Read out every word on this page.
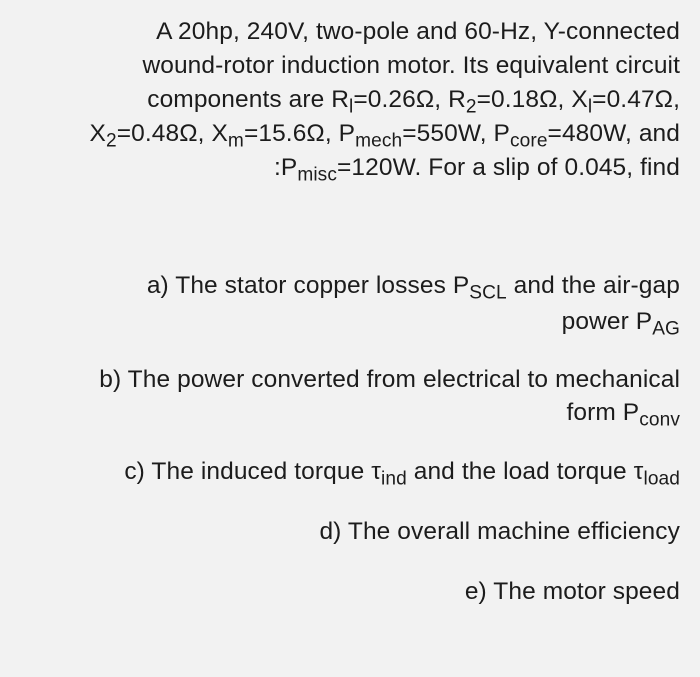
A 20hp, 240V, two-pole and 60-Hz, Y-connected
wound-rotor induction motor. Its equivalent circuit
components are $R_l=0.26\Omega$, $R_2=0.18\Omega$, $X_l=0.47\Omega$,
$X_2=0.48\Omega$, $X_m=15.6\Omega$, $P_{mech}=550W$, $P_{core}=480W$, and
$:P_{misc}=120W$. For a slip of 0.045, find
a) The stator copper losses $P_{SCL}$ and the air-gap
power $P_{AG}$
b) The power converted from electrical to mechanical
form $P_{conv}$
c) The induced torque $\tau_{ind}$ and the load torque $\tau_{load}$
d) The overall machine efficiency
e) The motor speed
